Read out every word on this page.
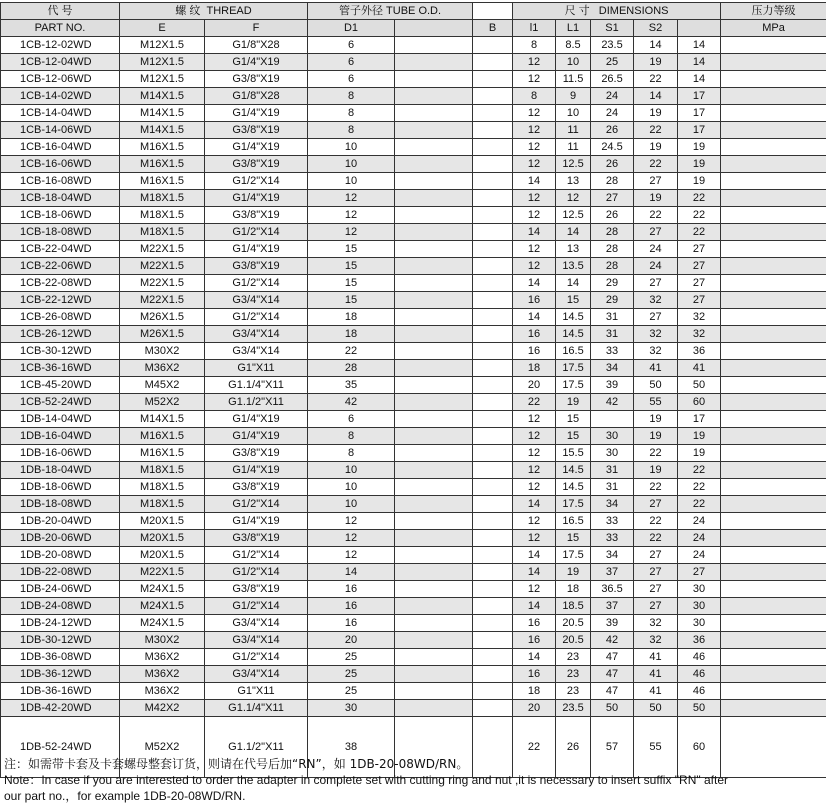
代 号	螺 纹 THREAD		管子外径 TUBE O.D.			尺 寸 DIMENSIONS					压力等级	
PART NO.	E	F	D1		B	l1	L1	S1	S2		MPa	
1CB-12-02WD	M12X1.5	G1/8"X28	6			8	8.5	23.5	14	14		

1CB-12-04WD	M12X1.5	G1/4"X19	6			12	10	25	19	14		
1CB-12-06WD	M12X1.5	G3/8"X19	6			12	11.5	26.5	22	14		
1CB-14-02WD	M14X1.5	G1/8"X28	8			8	9	24	14	17		
1CB-14-04WD	M14X1.5	G1/4"X19	8			12	10	24	19	17		
1CB-14-06WD	M14X1.5	G3/8"X19	8			12	11	26	22	17		
1CB-16-04WD	M16X1.5	G1/4"X19	10			12	11	24.5	19	19		
1CB-16-06WD	M16X1.5	G3/8"X19	10			12	12.5	26	22	19		
1CB-16-08WD	M16X1.5	G1/2"X14	10			14	13	28	27	19		
1CB-18-04WD	M18X1.5	G1/4"X19	12			12	12	27	19	22		
1CB-18-06WD	M18X1.5	G3/8"X19	12			12	12.5	26	22	22		
1CB-18-08WD	M18X1.5	G1/2"X14	12			14	14	28	27	22		
1CB-22-04WD	M22X1.5	G1/4"X19	15			12	13	28	24	27		
1CB-22-06WD	M22X1.5	G3/8"X19	15			12	13.5	28	24	27		
1CB-22-08WD	M22X1.5	G1/2"X14	15			14	14	29	27	27		
1CB-22-12WD	M22X1.5	G3/4"X14	15			16	15	29	32	27		
1CB-26-08WD	M26X1.5	G1/2"X14	18			14	14.5	31	27	32		
1CB-26-12WD	M26X1.5	G3/4"X14	18			16	14.5	31	32	32		
1CB-30-12WD	M30X2	G3/4"X14	22			16	16.5	33	32	36		

1CB-36-16WD	M36X2	G1"X11	28			18	17.5	34	41	41		
1CB-45-20WD	M45X2	G1.1/4"X11	35			20	17.5	39	50	50		
1CB-52-24WD	M52X2	G1.1/2"X11	42			22	19	42	55	60		
1DB-14-04WD	M14X1.5	G1/4"X19	6			12	15		19	17		

1DB-16-04WD	M16X1.5	G1/4"X19	8			12	15	30	19	19		
1DB-16-06WD	M16X1.5	G3/8"X19	8			12	15.5	30	22	19		
1DB-18-04WD	M18X1.5	G1/4"X19	10			12	14.5	31	19	22		
1DB-18-06WD	M18X1.5	G3/8"X19	10			12	14.5	31	22	22		
1DB-18-08WD	M18X1.5	G1/2"X14	10			14	17.5	34	27	22		
1DB-20-04WD	M20X1.5	G1/4"X19	12			12	16.5	33	22	24		
1DB-20-06WD	M20X1.5	G3/8"X19	12			12	15	33	22	24		
1DB-20-08WD	M20X1.5	G1/2"X14	12			14	17.5	34	27	24		
1DB-22-08WD	M22X1.5	G1/2"X14	14			14	19	37	27	27		
1DB-24-06WD	M24X1.5	G3/8"X19	16			12	18	36.5	27	30		

1DB-24-08WD	M24X1.5	G1/2"X14	16			14	18.5	37	27	30		
1DB-24-12WD	M24X1.5	G3/4"X14	16			16	20.5	39	32	30		
1DB-30-12WD	M30X2	G3/4"X14	20			16	20.5	42	32	36		
1DB-36-08WD	M36X2	G1/2"X14	25			14	23	47	41	46		
1DB-36-12WD	M36X2	G3/4"X14	25			16	23	47	41	46		
1DB-36-16WD	M36X2	G1"X11	25			18	23	47	41	46		
1DB-42-20WD	M42X2	G1.1/4"X11	30			20	23.5	50	50	50		
1DB-52-24WD	M52X2	G1.1/2"X11	38			22	26	57	55	60		
注：如需带卡套及卡套螺母整套订货，则请在代号后加“RN”，如 1DB-20-08WD/RN。
Note：In case if you are interested to order the adapter in complete set with cutting ring and nut ,it is necessary to insert suffix "RN" after
our part no.，for example 1DB-20-08WD/RN.
